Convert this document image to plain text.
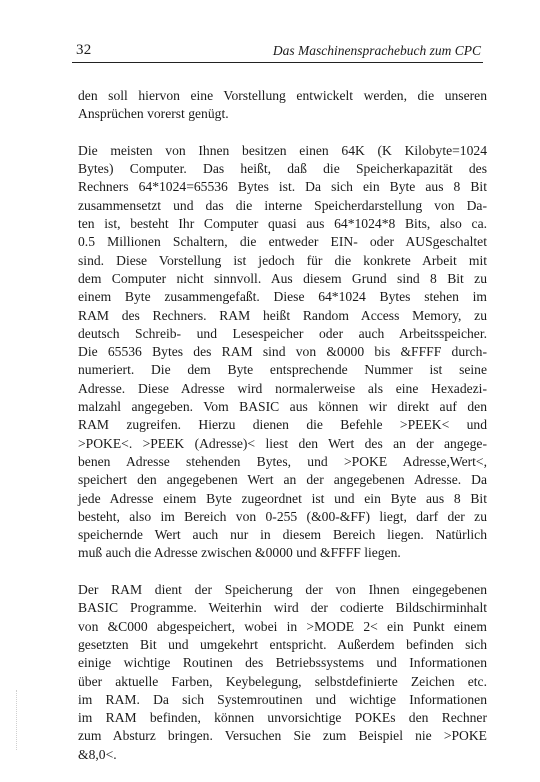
32	Das Maschinensprachebuch zum CPC

den soll hiervon eine Vorstellung entwickelt werden, die unseren
Ansprüchen vorerst genügt.

Die meisten von Ihnen besitzen einen 64K (K Kilobyte=1024
Bytes) Computer. Das heißt, daß die Speicherkapazität des
Rechners 64*1024=65536 Bytes ist. Da sich ein Byte aus 8 Bit
zusammensetzt und das die interne Speicherdarstellung von Da-
ten ist, besteht Ihr Computer quasi aus 64*1024*8 Bits, also ca.
0.5 Millionen Schaltern, die entweder EIN- oder AUSgeschaltet
sind. Diese Vorstellung ist jedoch für die konkrete Arbeit mit
dem Computer nicht sinnvoll. Aus diesem Grund sind 8 Bit zu
einem Byte zusammengefaßt. Diese 64*1024 Bytes stehen im
RAM des Rechners. RAM heißt Random Access Memory, zu
deutsch Schreib- und Lesespeicher oder auch Arbeitsspeicher.
Die 65536 Bytes des RAM sind von &0000 bis &FFFF durch-
numeriert. Die dem Byte entsprechende Nummer ist seine
Adresse. Diese Adresse wird normalerweise als eine Hexadezi-
malzahl angegeben. Vom BASIC aus können wir direkt auf den
RAM zugreifen. Hierzu dienen die Befehle >PEEK< und
>POKE<. >PEEK (Adresse)< liest den Wert des an der angege-
benen Adresse stehenden Bytes, und >POKE Adresse,Wert<,
speichert den angegebenen Wert an der angegebenen Adresse. Da
jede Adresse einem Byte zugeordnet ist und ein Byte aus 8 Bit
besteht, also im Bereich von 0-255 (&00-&FF) liegt, darf der zu
speichernde Wert auch nur in diesem Bereich liegen. Natürlich
muß auch die Adresse zwischen &0000 und &FFFF liegen.

Der RAM dient der Speicherung der von Ihnen eingegebenen
BASIC Programme. Weiterhin wird der codierte Bildschirminhalt
von &C000 abgespeichert, wobei in >MODE 2< ein Punkt einem
gesetzten Bit und umgekehrt entspricht. Außerdem befinden sich
einige wichtige Routinen des Betriebssystems und Informationen
über aktuelle Farben, Keybelegung, selbstdefinierte Zeichen etc.
im RAM. Da sich Systemroutinen und wichtige Informationen
im RAM befinden, können unvorsichtige POKEs den Rechner
zum Absturz bringen. Versuchen Sie zum Beispiel nie >POKE
&8,0<.
